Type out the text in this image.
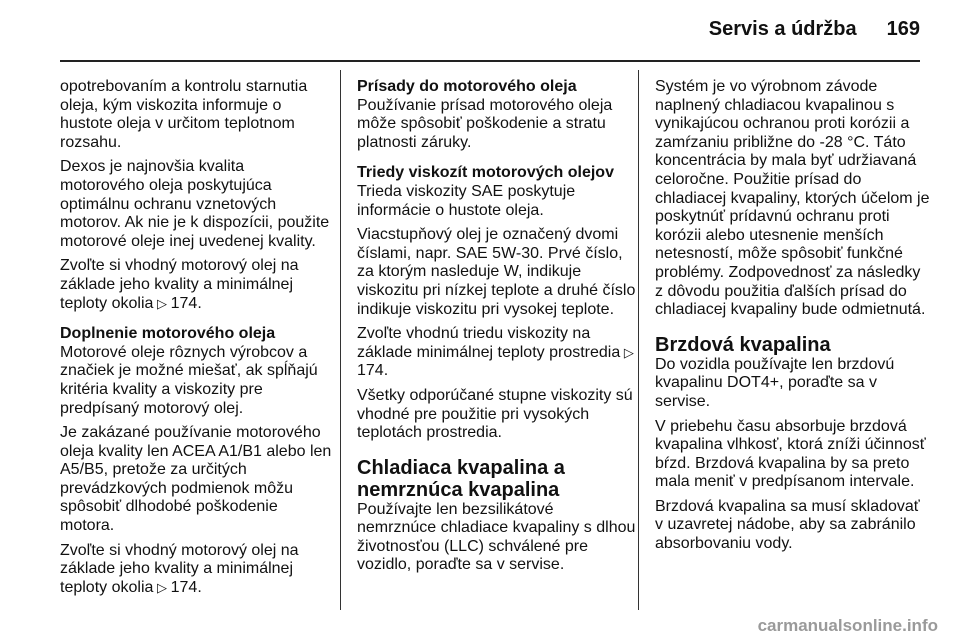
Servis a údržba 169

opotrebovaním a kontrolu starnutia oleja, kým viskozita informuje o hustote oleja v určitom teplotnom rozsahu.

Dexos je najnovšia kvalita motorového oleja poskytujúca optimálnu ochranu vznetových motorov. Ak nie je k dispozícii, použite motorové oleje inej uvedenej kvality.

Zvoľte si vhodný motorový olej na základe jeho kvality a minimálnej teploty okolia ▷ 174.

Doplnenie motorového oleja

Motorové oleje rôznych výrobcov a značiek je možné miešať, ak spĺňajú kritéria kvality a viskozity pre predpísaný motorový olej.

Je zakázané používanie motorového oleja kvality len ACEA A1/B1 alebo len A5/B5, pretože za určitých prevádzkových podmienok môžu spôsobiť dlhodobé poškodenie motora.

Zvoľte si vhodný motorový olej na základe jeho kvality a minimálnej teploty okolia ▷ 174.

Prísady do motorového oleja

Používanie prísad motorového oleja môže spôsobiť poškodenie a stratu platnosti záruky.

Triedy viskozít motorových olejov

Trieda viskozity SAE poskytuje informácie o hustote oleja.

Viacstupňový olej je označený dvomi číslami, napr. SAE 5W-30. Prvé číslo, za ktorým nasleduje W, indikuje viskozitu pri nízkej teplote a druhé číslo indikuje viskozitu pri vysokej teplote.

Zvoľte vhodnú triedu viskozity na základe minimálnej teploty prostredia ▷ 174.

Všetky odporúčané stupne viskozity sú vhodné pre použitie pri vysokých teplotách prostredia.

Chladiaca kvapalina a nemrznúca kvapalina

Používajte len bezsilikátové nemrznúce chladiace kvapaliny s dlhou životnosťou (LLC) schválené pre vozidlo, poraďte sa v servise.

Systém je vo výrobnom závode naplnený chladiacou kvapalinou s vynikajúcou ochranou proti korózii a zamŕzaniu približne do -28 °C. Táto koncentrácia by mala byť udržiavaná celoročne. Použitie prísad do chladiacej kvapaliny, ktorých účelom je poskytnúť prídavnú ochranu proti korózii alebo utesnenie menších netesností, môže spôsobiť funkčné problémy. Zodpovednosť za následky z dôvodu použitia ďalších prísad do chladiacej kvapaliny bude odmietnutá.

Brzdová kvapalina

Do vozidla používajte len brzdovú kvapalinu DOT4+, poraďte sa v servise.

V priebehu času absorbuje brzdová kvapalina vlhkosť, ktorá zníži účinnosť bŕzd. Brzdová kvapalina by sa preto mala meniť v predpísanom intervale.

Brzdová kvapalina sa musí skladovať v uzavretej nádobe, aby sa zabránilo absorbovaniu vody.

carmanualsonline.info
